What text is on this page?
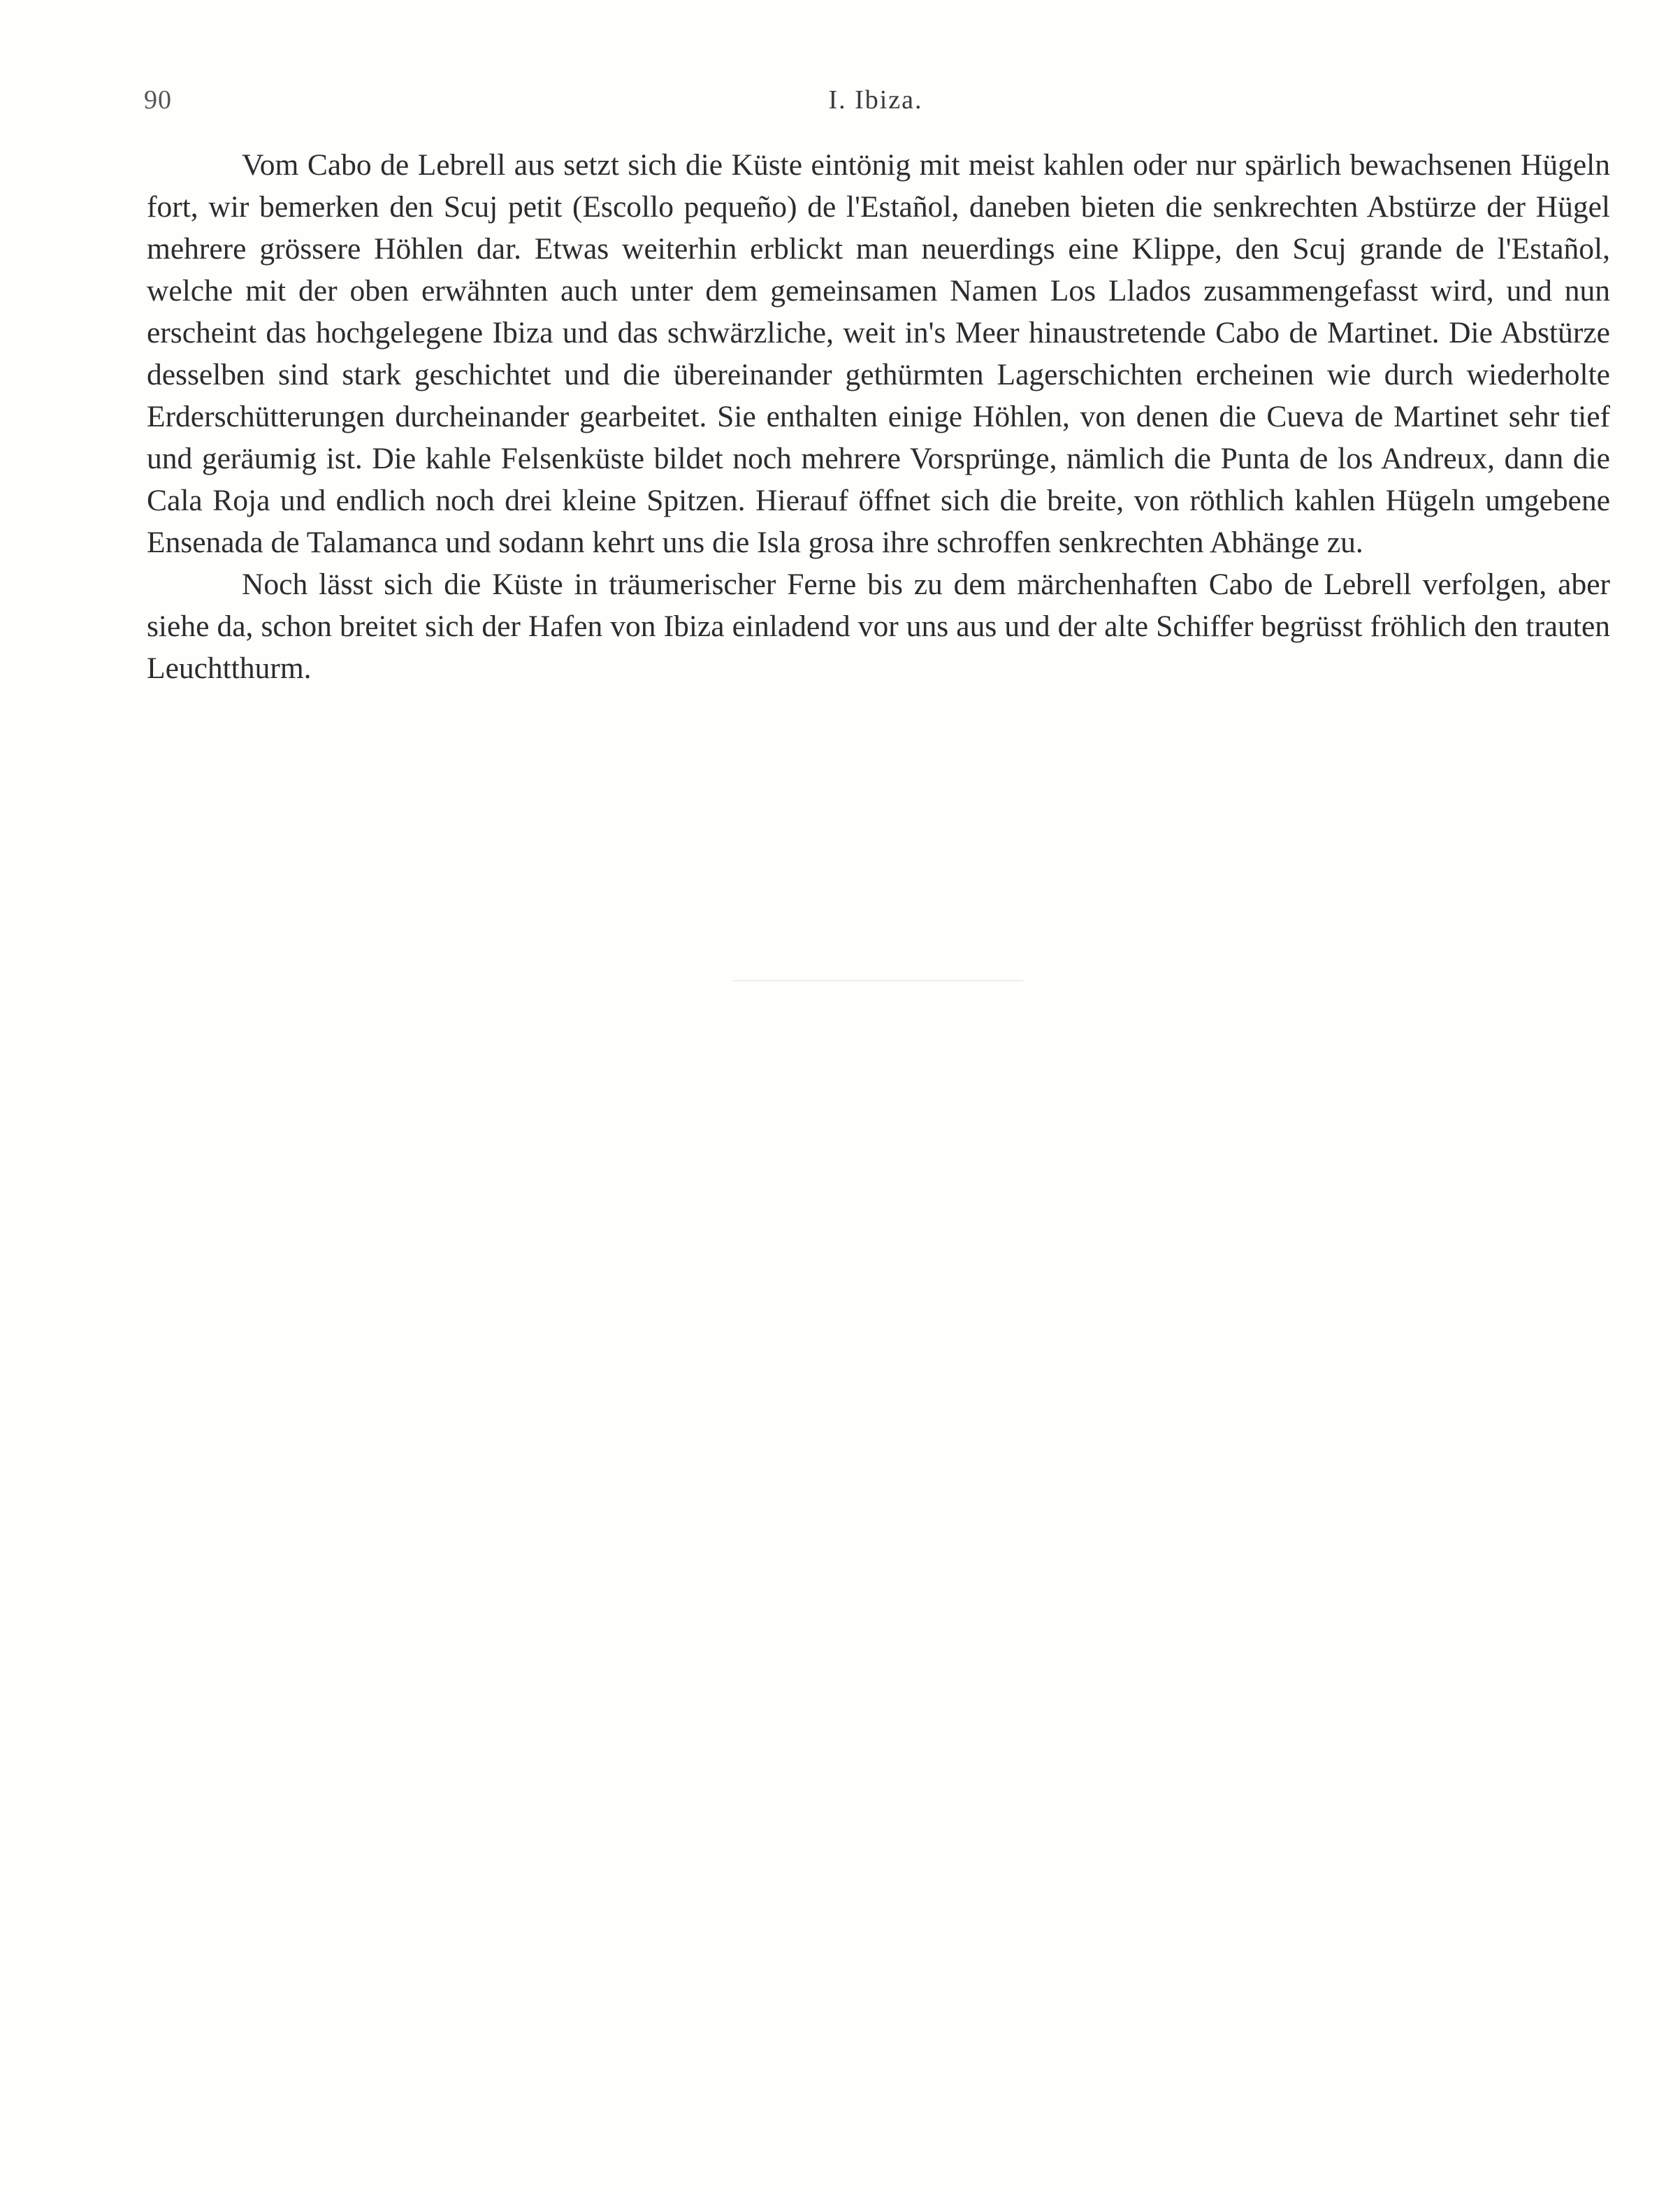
90	I. Ibiza.

Vom Cabo de Lebrell aus setzt sich die Küste eintönig mit meist kahlen oder nur spärlich bewachsenen Hügeln fort, wir bemerken den Scuj petit (Escollo pequeño) de l'Estañol, daneben bieten die senkrechten Abstürze der Hügel mehrere grössere Höhlen dar. Etwas weiterhin erblickt man neuerdings eine Klippe, den Scuj grande de l'Estañol, welche mit der oben erwähnten auch unter dem gemeinsamen Namen Los Llados zusammengefasst wird, und nun erscheint das hochgelegene Ibiza und das schwärzliche, weit in's Meer hinaustretende Cabo de Martinet. Die Abstürze desselben sind stark geschichtet und die übereinander gethürmten Lagerschichten ercheinen wie durch wiederholte Erderschütterungen durcheinander gearbeitet. Sie enthalten einige Höhlen, von denen die Cueva de Martinet sehr tief und geräumig ist. Die kahle Felsenküste bildet noch mehrere Vorsprünge, nämlich die Punta de los Andreux, dann die Cala Roja und endlich noch drei kleine Spitzen. Hierauf öffnet sich die breite, von röthlich kahlen Hügeln umgebene Ensenada de Talamanca und sodann kehrt uns die Isla grosa ihre schroffen senkrechten Abhänge zu.

Noch lässt sich die Küste in träumerischer Ferne bis zu dem märchenhaften Cabo de Lebrell verfolgen, aber siehe da, schon breitet sich der Hafen von Ibiza einladend vor uns aus und der alte Schiffer begrüsst fröhlich den trauten Leuchtthurm.
